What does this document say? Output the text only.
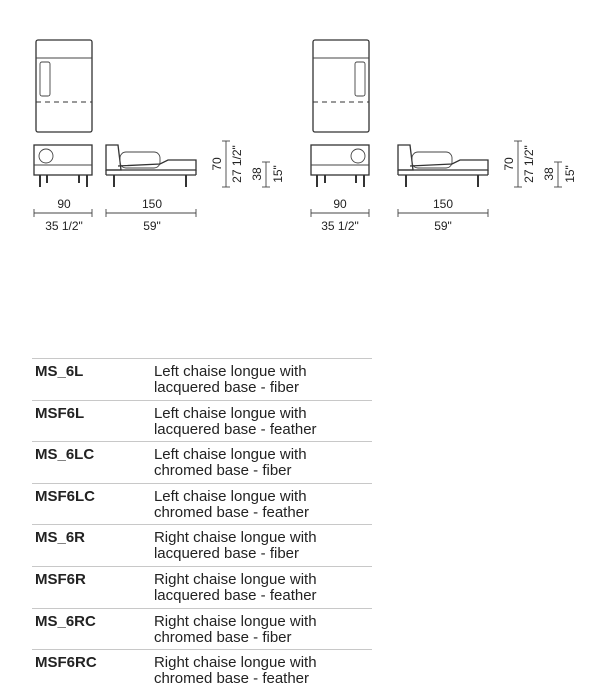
90
35 1/2"
150
59"
70 27 1/2" 38 15"
90
35 1/2"
150
59"
70 27 1/2" 38 15"
MS_6L	Left chaise longue with
lacquered base - fiber
MSF6L	Left chaise longue with
lacquered base - feather
MS_6LC	Left chaise longue with
chromed base - fiber
MSF6LC	Left chaise longue with
chromed base - feather
MS_6R	Right chaise longue with
lacquered base - fiber
MSF6R	Right chaise longue with
lacquered base - feather
MS_6RC	Right chaise longue with
chromed base - fiber
MSF6RC	Right chaise longue with
chromed base - feather
